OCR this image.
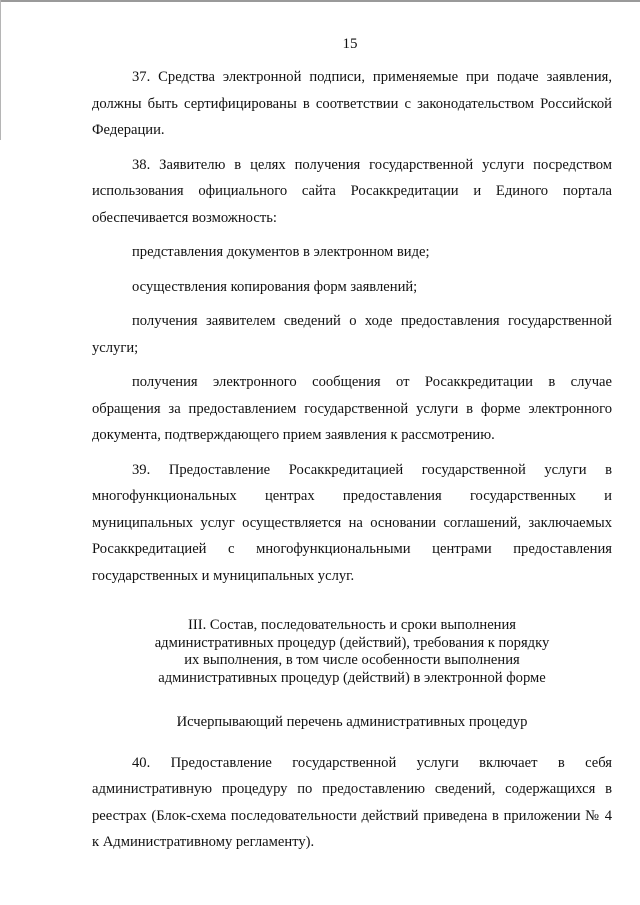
15

37. Средства электронной подписи, применяемые при подаче заявления, должны быть сертифицированы в соответствии с законодательством Российской Федерации.

38. Заявителю в целях получения государственной услуги посредством использования официального сайта Росаккредитации и Единого портала обеспечивается возможность:

представления документов в электронном виде;

осуществления копирования форм заявлений;

получения заявителем сведений о ходе предоставления государственной услуги;

получения электронного сообщения от Росаккредитации в случае обращения за предоставлением государственной услуги в форме электронного документа, подтверждающего прием заявления к рассмотрению.

39. Предоставление Росаккредитацией государственной услуги в многофункциональных центрах предоставления государственных и муниципальных услуг осуществляется на основании соглашений, заключаемых Росаккредитацией с многофункциональными центрами предоставления государственных и муниципальных услуг.

III. Состав, последовательность и сроки выполнения
административных процедур (действий), требования к порядку
их выполнения, в том числе особенности выполнения
административных процедур (действий) в электронной форме

Исчерпывающий перечень административных процедур

40. Предоставление государственной услуги включает в себя административную процедуру по предоставлению сведений, содержащихся в реестрах (Блок-схема последовательности действий приведена в приложении № 4 к Административному регламенту).
